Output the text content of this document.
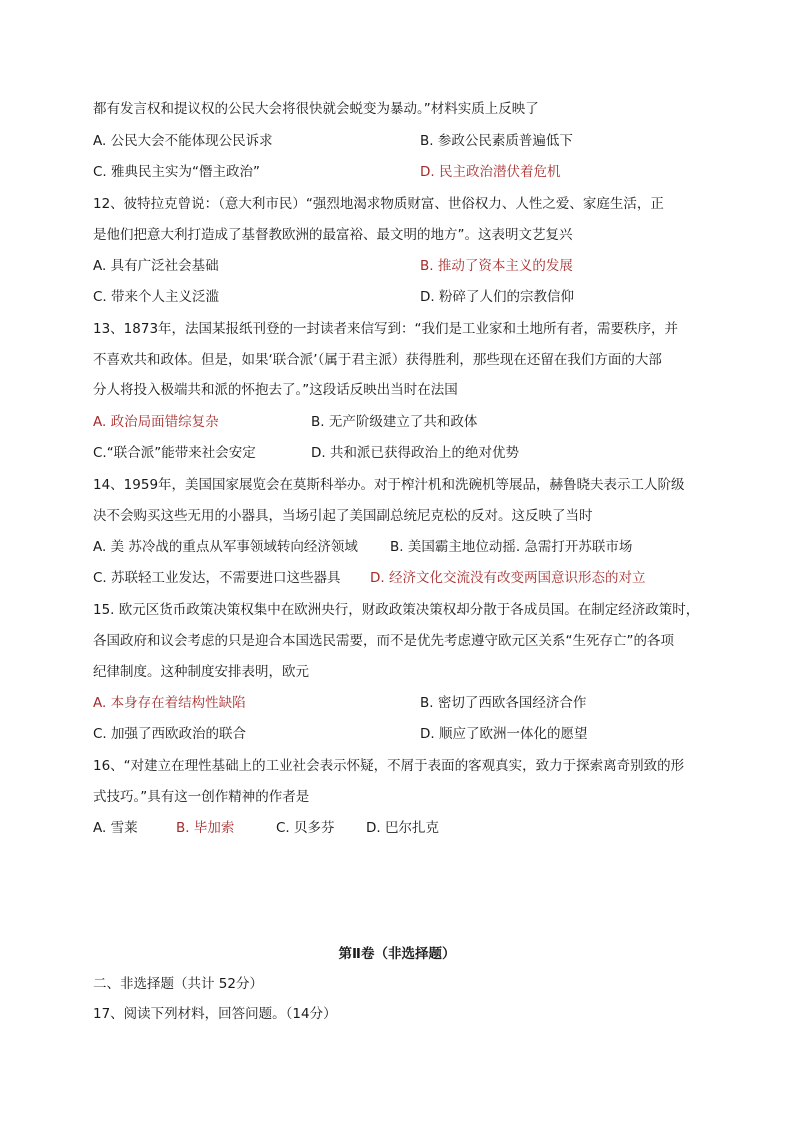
都有发言权和提议权的公民大会将很快就会蜕变为暴动。”材料实质上反映了
A. 公民大会不能体现公民诉求	B. 参政公民素质普遍低下
C. 雅典民主实为“僭主政治”	D. 民主政治潜伏着危机
12、彼特拉克曾说：（意大利市民）“强烈地渴求物质财富、世俗权力、人性之爱、家庭生活，正
是他们把意大利打造成了基督教欧洲的最富裕、最文明的地方”。这表明文艺复兴
A. 具有广泛社会基础	B. 推动了资本主义的发展
C. 带来个人主义泛滥	D. 粉碎了人们的宗教信仰
13、1873年，法国某报纸刊登的一封读者来信写到：“我们是工业家和土地所有者，需要秩序，并
不喜欢共和政体。但是，如果‘联合派’（属于君主派）获得胜利，那些现在还留在我们方面的大部
分人将投入极端共和派的怀抱去了。”这段话反映出当时在法国
A. 政治局面错综复杂	B. 无产阶级建立了共和政体
C.“联合派”能带来社会安定	D. 共和派已获得政治上的绝对优势
14、1959年，美国国家展览会在莫斯科举办。对于榨汁机和洗碗机等展品，赫鲁晓夫表示工人阶级
决不会购买这些无用的小器具，当场引起了美国副总统尼克松的反对。这反映了当时
A. 美 苏冷战的重点从军事领域转向经济领域 B. 美国霸主地位动摇. 急需打开苏联市场
C. 苏联轻工业发达，不需要进口这些器具 D. 经济文化交流没有改变两国意识形态的对立
15. 欧元区货币政策决策权集中在欧洲央行，财政政策决策权却分散于各成员国。在制定经济政策时，
各国政府和议会考虑的只是迎合本国选民需要，而不是优先考虑遵守欧元区关系“生死存亡”的各项
纪律制度。这种制度安排表明，欧元
A. 本身存在着结构性缺陷	B. 密切了西欧各国经济合作
C. 加强了西欧政治的联合	D. 顺应了欧洲一体化的愿望
16、“对建立在理性基础上的工业社会表示怀疑，不屑于表面的客观真实，致力于探索离奇别致的形
式技巧。”具有这一创作精神的作者是
A. 雪莱	B. 毕加索	C. 贝多芬 D. 巴尔扎克
第Ⅱ卷（非选择题）
二、非选择题（共计 52分）
17、阅读下列材料，回答问题。（14分）
